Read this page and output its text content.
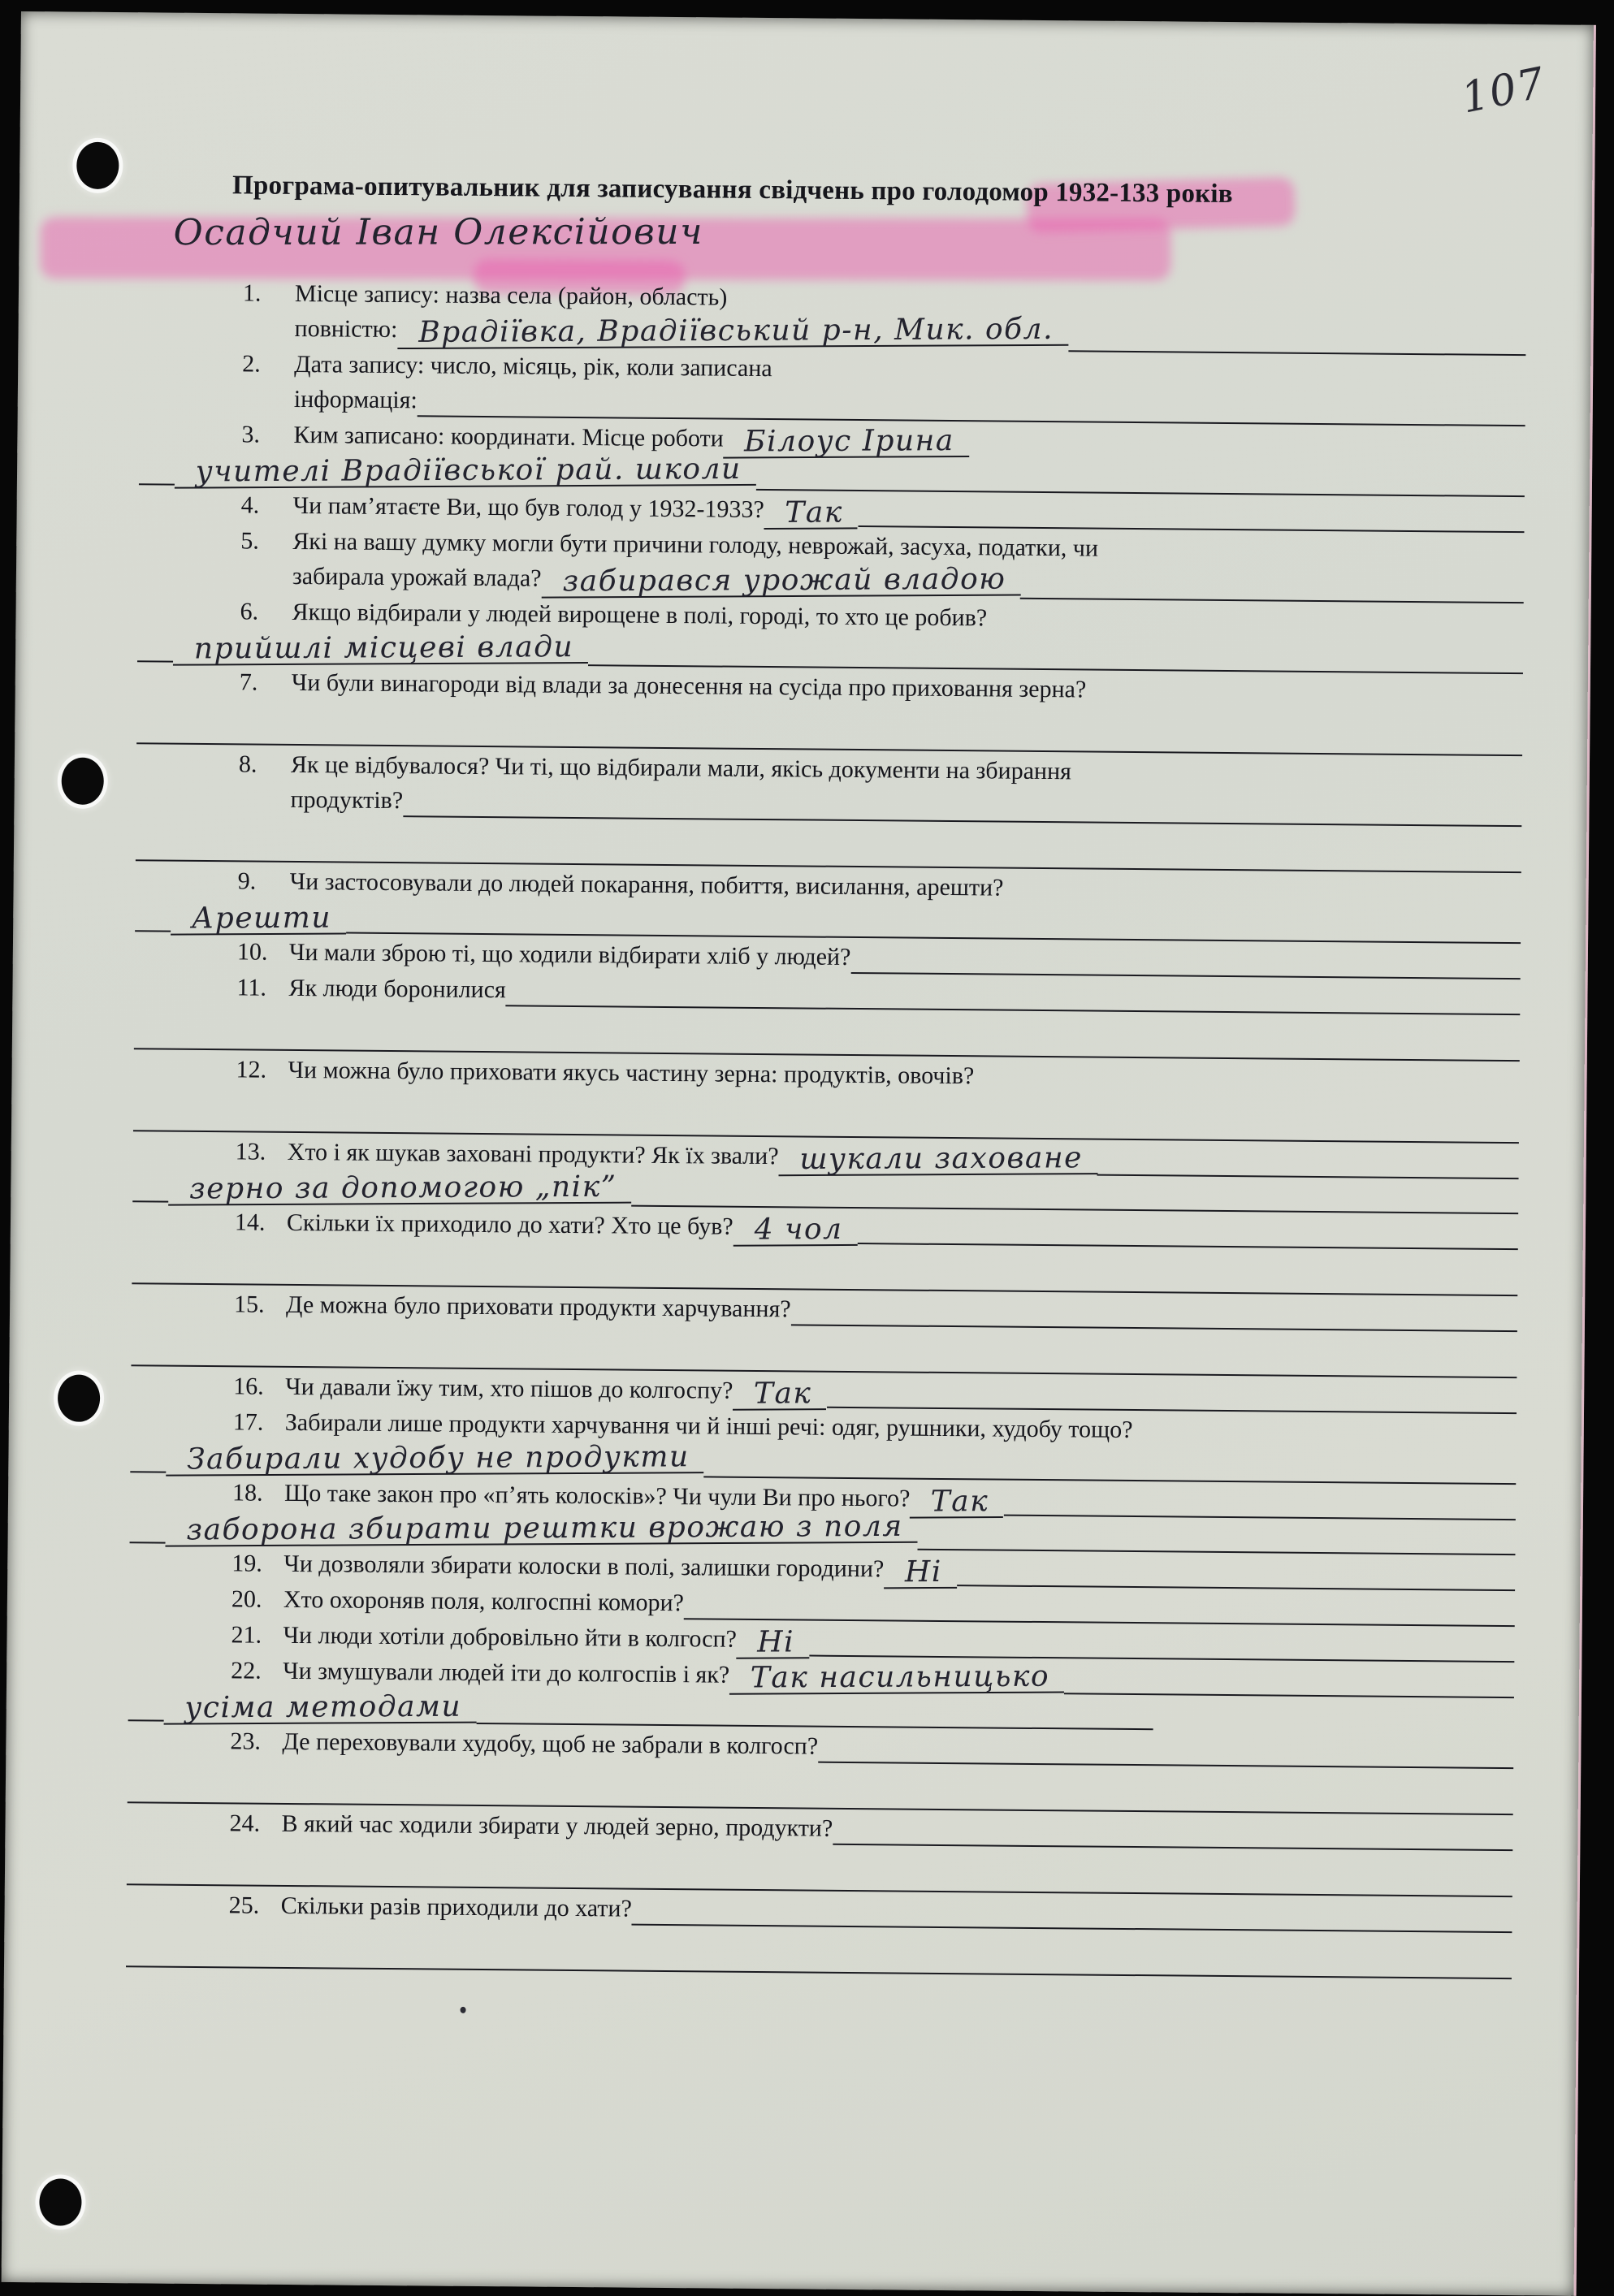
107
Програма-опитувальник для записування свідчень про голодомор 1932-133 років
Осадчий Іван Олексійович
1. Місце запису: назва села (район, область)
повністю: Врадіївка, Врадіївський р-н, Мик. обл.
2. Дата запису: число, місяць, рік, коли записана
інформація:
3. Ким записано: координати. Місце роботи Білоус Ірина
учителі Врадіївської рай. школи
4. Чи пам’ятаєте Ви, що був голод у 1932-1933? Так
5. Які на вашу думку могли бути причини голоду, неврожай, засуха, податки, чи
забирала урожай влада? забирався урожай владою
6. Якщо відбирали у людей вирощене в полі, городі, то хто це робив?
прийшлі місцеві влади
7. Чи були винагороди від влади за донесення на сусіда про приховання зерна?
8. Як це відбувалося? Чи ті, що відбирали мали, якісь документи на збирання
продуктів?
9. Чи застосовували до людей покарання, побиття, висилання, арешти?
Арешти
10. Чи мали зброю ті, що ходили відбирати хліб у людей?
11. Як люди боронилися
12. Чи можна було приховати якусь частину зерна: продуктів, овочів?
13. Хто і як шукав заховані продукти? Як їх звали? шукали заховане
зерно за допомогою „пік”
14. Скільки їх приходило до хати? Хто це був? 4 чол
15. Де можна було приховати продукти харчування?
16. Чи давали їжу тим, хто пішов до колгоспу? Так
17. Забирали лише продукти харчування чи й інші речі: одяг, рушники, худобу тощо?
Забирали худобу не продукти
18. Що таке закон про «п’ять колосків»? Чи чули Ви про нього? Так
заборона збирати рештки врожаю з поля
19. Чи дозволяли збирати колоски в полі, залишки городини? Ні
20. Хто охороняв поля, колгоспні комори?
21. Чи люди хотіли добровільно йти в колгосп? Ні
22. Чи змушували людей іти до колгоспів і як? Так насильницько
усіма методами
23. Де переховували худобу, щоб не забрали в колгосп?
24. В який час ходили збирати у людей зерно, продукти?
25. Скільки разів приходили до хати?
